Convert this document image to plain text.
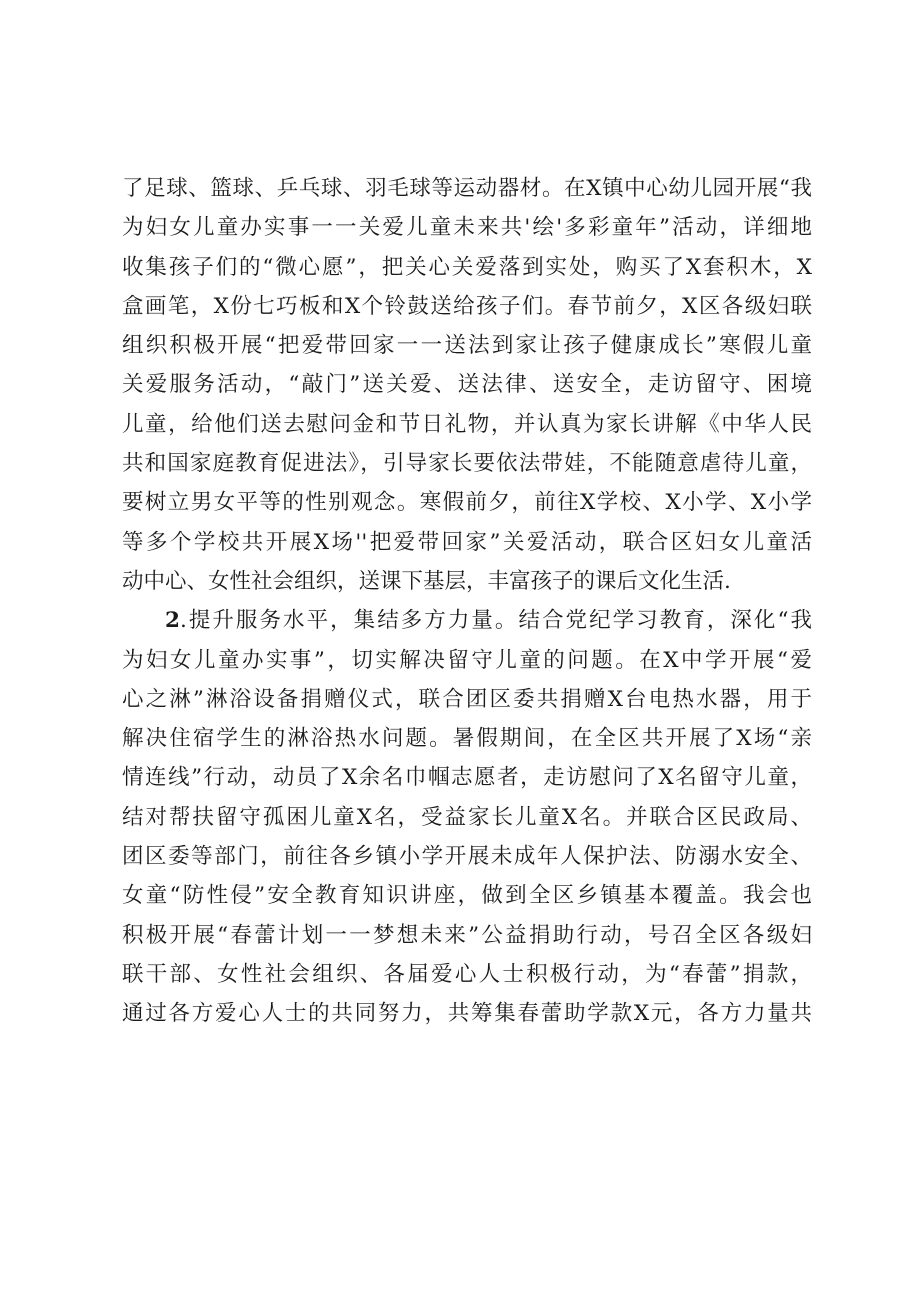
了足球、篮球、乒乓球、羽毛球等运动器材。在X镇中心幼儿园开展“我
为妇女儿童办实事一一关爱儿童未来共'绘'多彩童年”活动，详细地
收集孩子们的“微心愿”，把关心关爱落到实处，购买了X套积木，X
盒画笔，X份七巧板和X个铃鼓送给孩子们。春节前夕，X区各级妇联
组织积极开展“把爱带回家一一送法到家让孩子健康成长”寒假儿童
关爱服务活动，“敲门”送关爱、送法律、送安全，走访留守、困境
儿童，给他们送去慰问金和节日礼物，并认真为家长讲解《中华人民
共和国家庭教育促进法》，引导家长要依法带娃，不能随意虐待儿童，
要树立男女平等的性别观念。寒假前夕，前往X学校、X小学、X小学
等多个学校共开展X场''把爱带回家”关爱活动，联合区妇女儿童活
动中心、女性社会组织，送课下基层，丰富孩子的课后文化生活.
2.提升服务水平，集结多方力量。结合党纪学习教育，深化“我
为妇女儿童办实事”，切实解决留守儿童的问题。在X中学开展“爱
心之淋”淋浴设备捐赠仪式，联合团区委共捐赠X台电热水器，用于
解决住宿学生的淋浴热水问题。暑假期间，在全区共开展了X场“亲
情连线”行动，动员了X余名巾帼志愿者，走访慰问了X名留守儿童，
结对帮扶留守孤困儿童X名，受益家长儿童X名。并联合区民政局、
团区委等部门，前往各乡镇小学开展未成年人保护法、防溺水安全、
女童“防性侵”安全教育知识讲座，做到全区乡镇基本覆盖。我会也
积极开展“春蕾计划一一梦想未来”公益捐助行动，号召全区各级妇
联干部、女性社会组织、各届爱心人士积极行动，为“春蕾”捐款，
通过各方爱心人士的共同努力，共筹集春蕾助学款X元，各方力量共
